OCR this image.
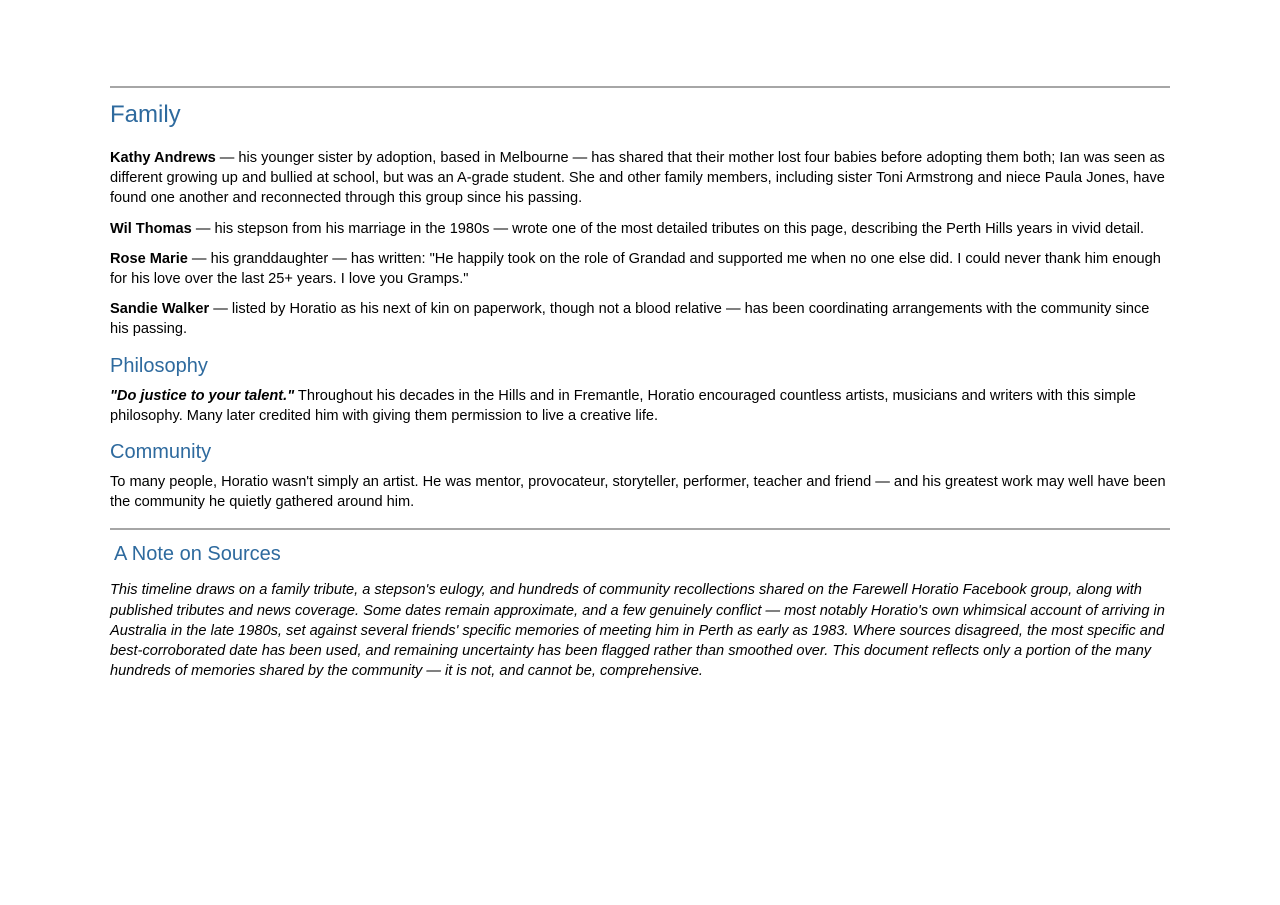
Family

Kathy Andrews — his younger sister by adoption, based in Melbourne — has shared that their mother lost four babies before adopting them both; Ian was seen as different growing up and bullied at school, but was an A-grade student. She and other family members, including sister Toni Armstrong and niece Paula Jones, have found one another and reconnected through this group since his passing.

Wil Thomas — his stepson from his marriage in the 1980s — wrote one of the most detailed tributes on this page, describing the Perth Hills years in vivid detail.

Rose Marie — his granddaughter — has written: "He happily took on the role of Grandad and supported me when no one else did. I could never thank him enough for his love over the last 25+ years. I love you Gramps."

Sandie Walker — listed by Horatio as his next of kin on paperwork, though not a blood relative — has been coordinating arrangements with the community since his passing.

Philosophy

"Do justice to your talent." Throughout his decades in the Hills and in Fremantle, Horatio encouraged countless artists, musicians and writers with this simple philosophy. Many later credited him with giving them permission to live a creative life.

Community

To many people, Horatio wasn't simply an artist. He was mentor, provocateur, storyteller, performer, teacher and friend — and his greatest work may well have been the community he quietly gathered around him.

A Note on Sources

This timeline draws on a family tribute, a stepson's eulogy, and hundreds of community recollections shared on the Farewell Horatio Facebook group, along with published tributes and news coverage. Some dates remain approximate, and a few genuinely conflict — most notably Horatio's own whimsical account of arriving in Australia in the late 1980s, set against several friends' specific memories of meeting him in Perth as early as 1983. Where sources disagreed, the most specific and best-corroborated date has been used, and remaining uncertainty has been flagged rather than smoothed over. This document reflects only a portion of the many hundreds of memories shared by the community — it is not, and cannot be, comprehensive.
